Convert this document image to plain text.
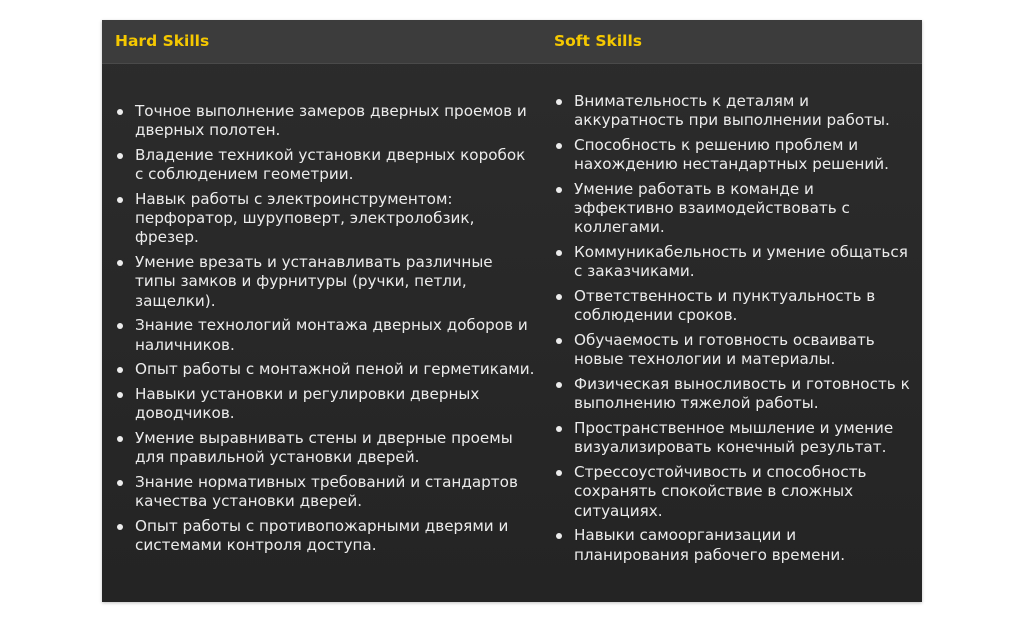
Hard Skills	Soft Skills
Точное выполнение замеров дверных проемов и дверных полотен.
Владение техникой установки дверных коробок с соблюдением геометрии.
Навык работы с электроинструментом: перфоратор, шуруповерт, электролобзик, фрезер.
Умение врезать и устанавливать различные типы замков и фурнитуры (ручки, петли, защелки).
Знание технологий монтажа дверных доборов и наличников.
Опыт работы с монтажной пеной и герметиками.
Навыки установки и регулировки дверных доводчиков.
Умение выравнивать стены и дверные проемы для правильной установки дверей.
Знание нормативных требований и стандартов качества установки дверей.
Опыт работы с противопожарными дверями и системами контроля доступа.
Внимательность к деталям и аккуратность при выполнении работы.
Способность к решению проблем и нахождению нестандартных решений.
Умение работать в команде и эффективно взаимодействовать с коллегами.
Коммуникабельность и умение общаться с заказчиками.
Ответственность и пунктуальность в соблюдении сроков.
Обучаемость и готовность осваивать новые технологии и материалы.
Физическая выносливость и готовность к выполнению тяжелой работы.
Пространственное мышление и умение визуализировать конечный результат.
Стрессоустойчивость и способность сохранять спокойствие в сложных ситуациях.
Навыки самоорганизации и планирования рабочего времени.
